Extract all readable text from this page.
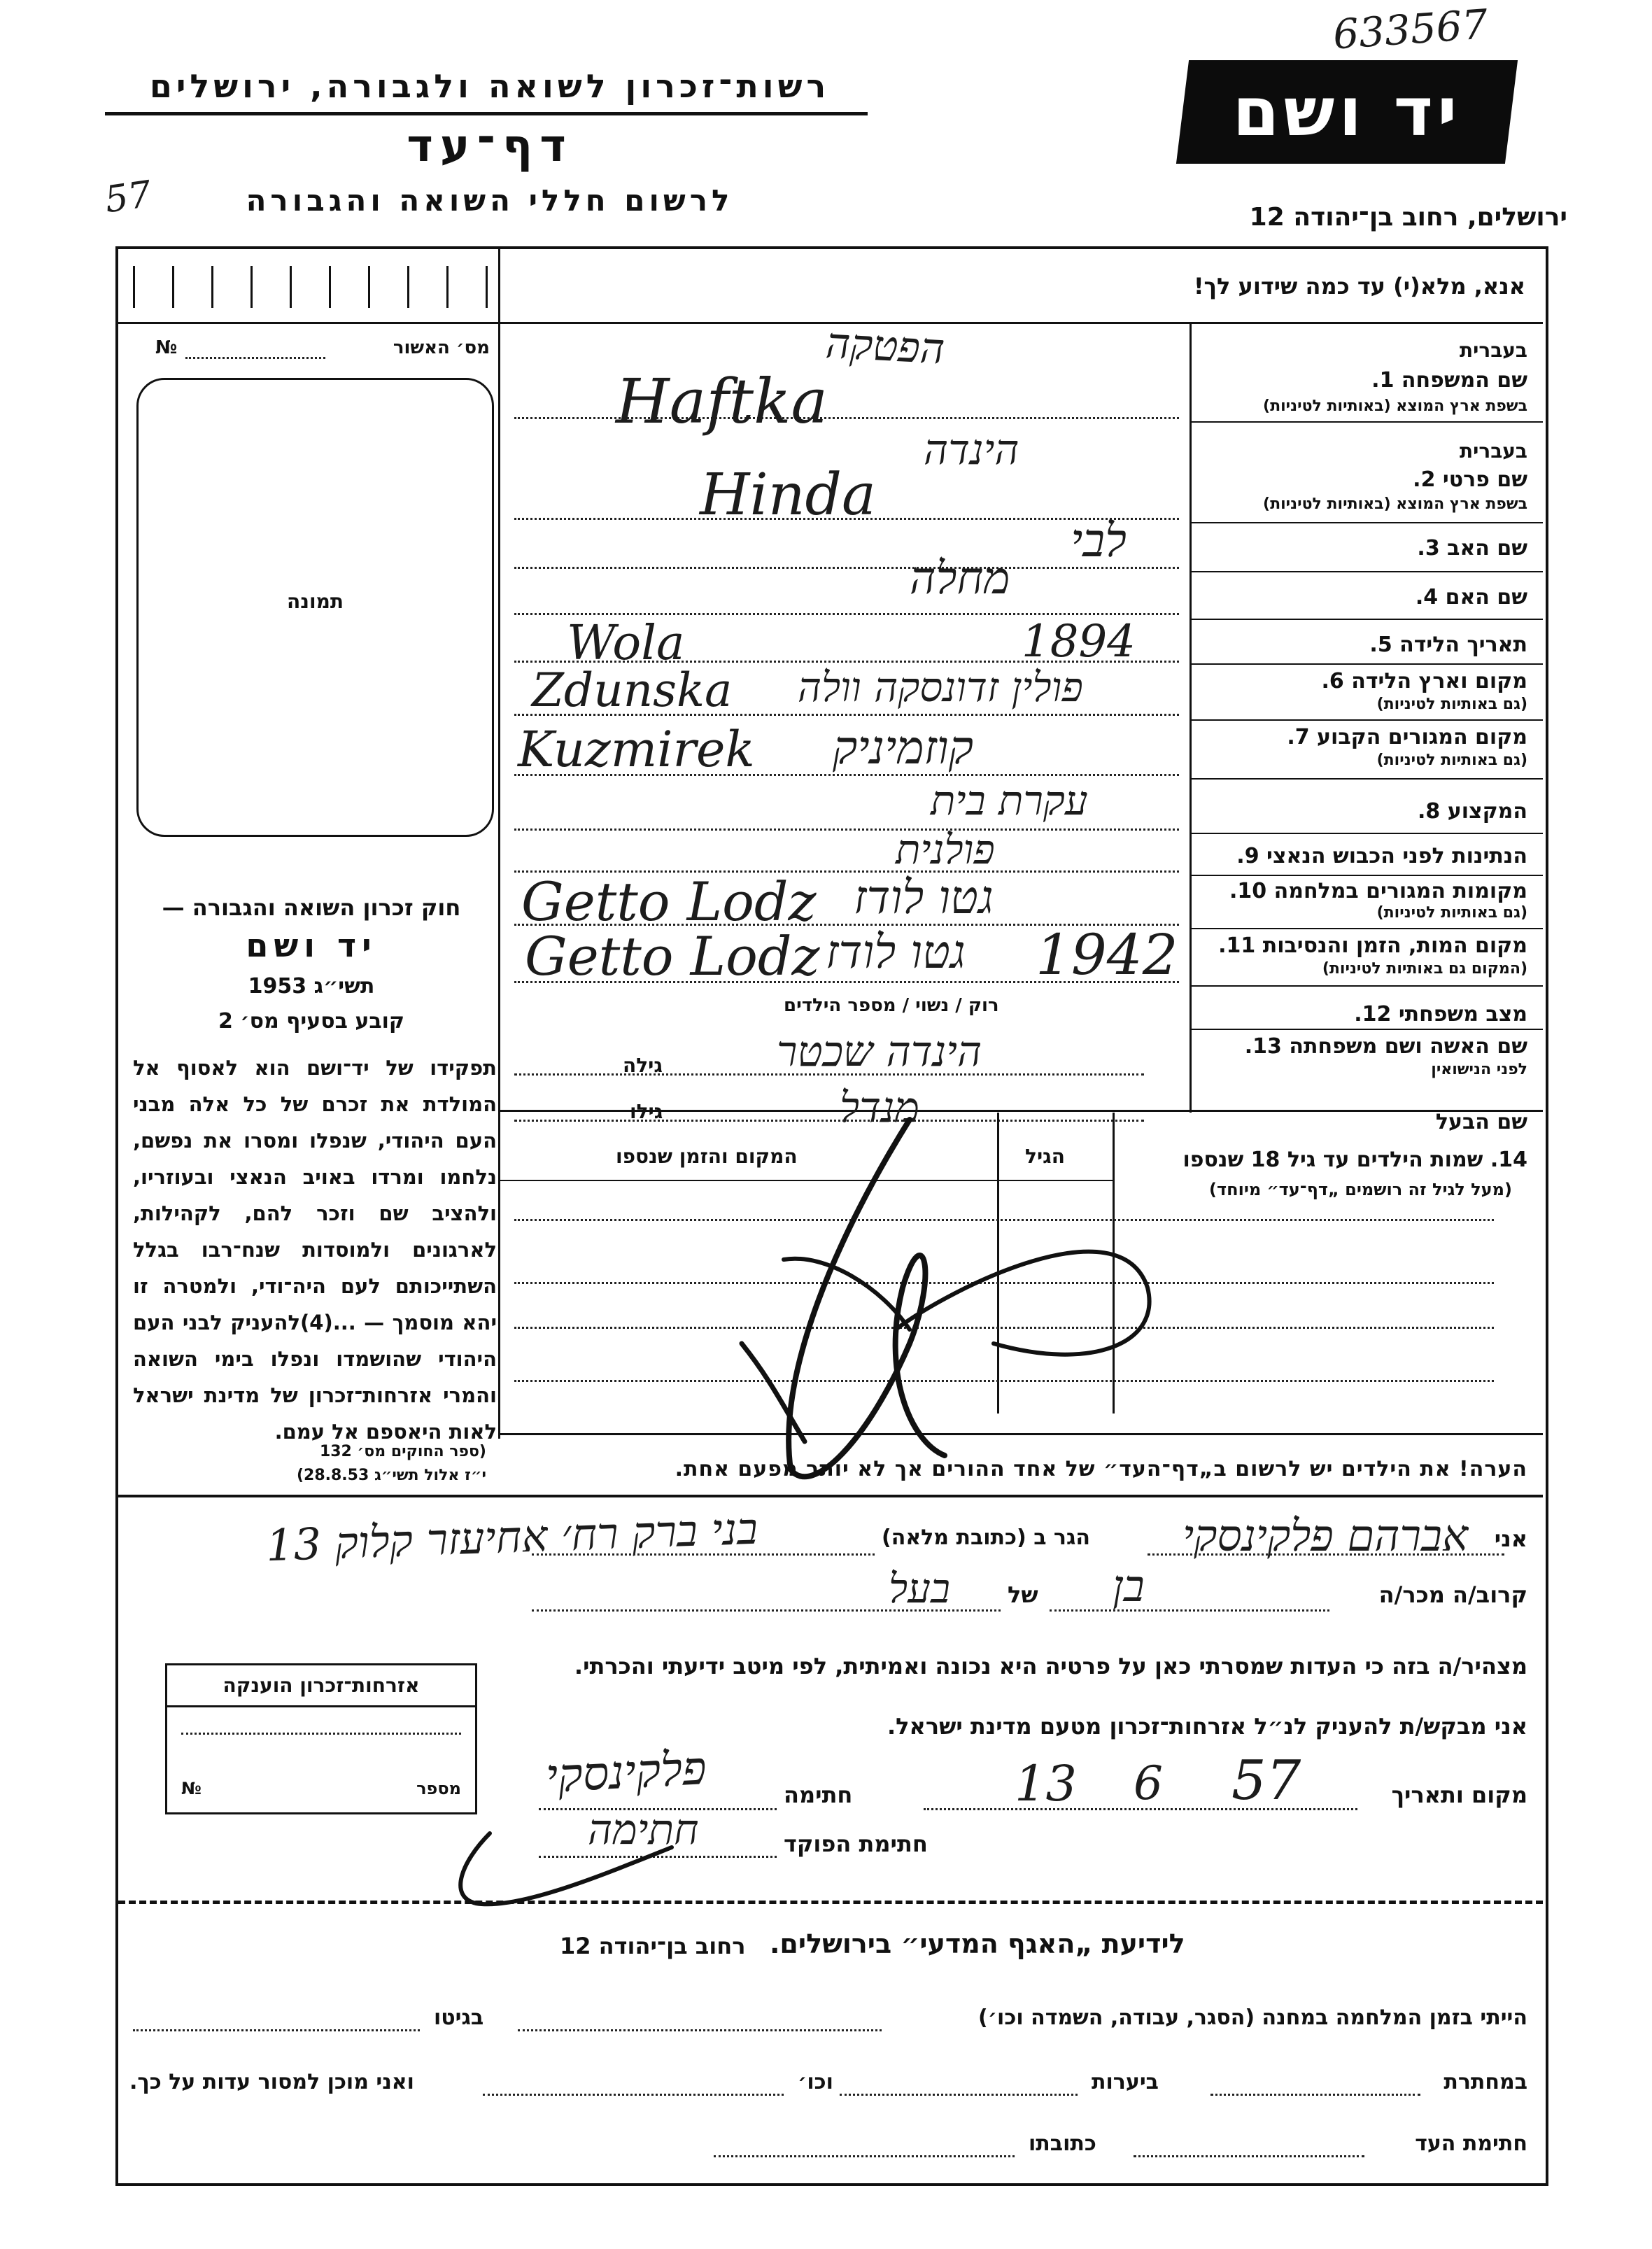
633567
57
רשות־זכרון לשואה ולגבורה, ירושלים
דף־עד
לרשום חללי השואה והגבורה
יד ושם
ירושלים, רחוב בן־יהודה 12
אנא, מלא(י) עד כמה שידוע לך!
מס׳ האשור
№
תמונה
חוק זכרון השואה והגבורה —
יד ושם
תשי״ג 1953
קובע בסעיף מס׳ 2
תפקידו של יד־ושם הוא לאסוף אל המולדת את זכרם של כל אלה מבני העם היהודי, שנפלו ומסרו את נפשם, נלחמו ומרדו באויב הנאצי ובעוזריו, ולהציב שם וזכר להם, לקהילות, לארגונים ולמוסדות שנח־רבו בגלל השתייכותם לעם היה־ודי, ולמטרה זו יהא מוסמך — ...(4)להעניק לבני העם היהודי שהושמדו ונפלו בימי השואה והמרי אזרחות־זכרון של מדינת ישראל לאות היאספם אל עמם.
(ספר החוקים מס׳ 132
י״ז אלול תשי״ג 28.8.53)
בעברית
שם המשפחה 1.
בשפת ארץ המוצא (באותיות לטיניות)
בעברית
שם פרטי 2.
בשפת ארץ המוצא (באותיות לטיניות)
שם האב 3.
שם האם 4.
תאריך הלידה 5.
מקום וארץ הלידה 6.
(גם באותיות לטיניות)
מקום המגורים הקבוע 7.
(גם באותיות לטיניות)
המקצוע 8.
הנתינות לפני הכבוש הנאצי 9.
מקומות המגורים במלחמה 10.
(גם באותיות לטיניות)
מקום המות, הזמן והנסיבות 11.
(המקום גם באותיות לטיניות)
מצב משפחתי 12.
שם האשה ושם משפחתה 13.
לפני הנישואין
שם הבעל
הפטקה
Haftka
הינדה
Hinda
לבי
מחלה
Wola	1894
Zdunska פולין זדונסקה וולה
Kuzmirek קוזמיניק
עקרת בית
פולנית
Getto Lodz גטו לודז
Getto Lodz גטו לודז 1942
רוק / נשוי / מספר הילדים
הינדה שכטר
גילה
מנדל
גילו
14. שמות הילדים עד גיל 18 שנספו
(מעל לגיל זה רושמים „דף־עד״ מיוחד)
הגיל
המקום והזמן שנספו
הערה! את הילדים יש לרשום ב„דף־העד״ של אחד ההורים אך לא יותר מפעם אחת.
אני
אברהם פלקינסקי
הגר ב (כתובת מלאה)
בני ברק רח׳ אחיעזר קלוק 13
קרוב/ה מכר/ה
בן
של
בעל
מצהיר/ה בזה כי העדות שמסרתי כאן על פרטיה היא נכונה ואמיתית, לפי מיטב ידיעתי והכרתי.
אני מבקש/ת להעניק לנ״ל אזרחות־זכרון מטעם מדינת ישראל.
מקום ותאריך
13 6 57
חתימה
פלקינסקי
חתימת הפוקד
חתימה
אזרחות־זכרון הוענקה
מספר
№
לידיעת „האגף המדעי״ בירושלים.
רחוב בן־יהודה 12
הייתי בזמן המלחמה במחנה (הסגר, עבודה, השמדה וכו׳)
בגיטו
במחתרת
ביערות
וכו׳
ואני מוכן למסור עדות על כך.
חתימת העד
כתובתו
